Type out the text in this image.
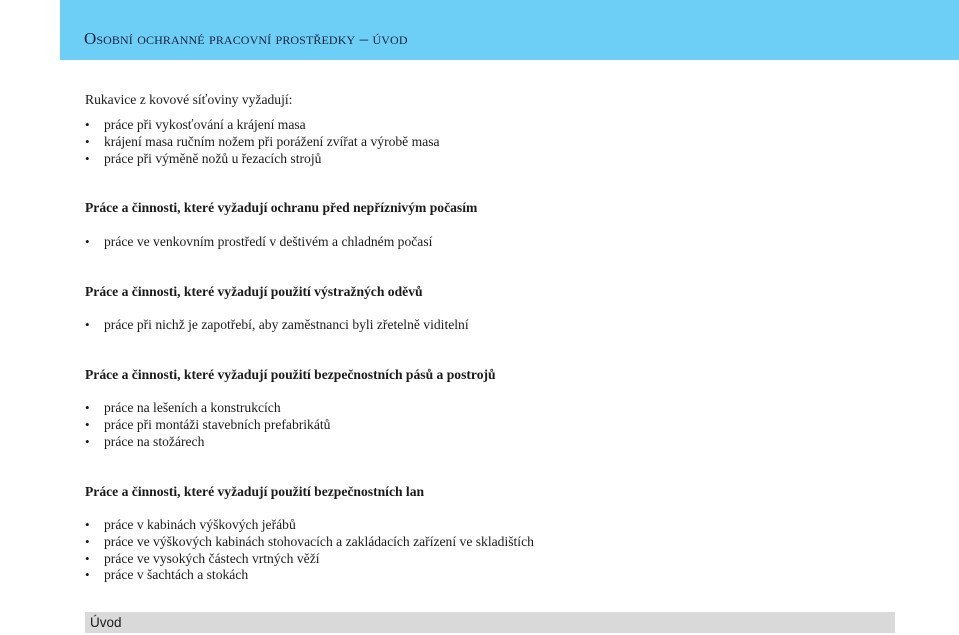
Osobní ochranné pracovní prostředky – úvod

Rukavice z kovové síťoviny vyžadují:

• práce při vykosťování a krájení masa
• krájení masa ručním nožem při porážení zvířat a výrobě masa
• práce při výměně nožů u řezacích strojů
Práce a činnosti, které vyžadují ochranu před nepříznivým počasím
• práce ve venkovním prostředí v deštivém a chladném počasí
Práce a činnosti, které vyžadují použití výstražných oděvů
• práce při nichž je zapotřebí, aby zaměstnanci byli zřetelně viditelní
Práce a činnosti, které vyžadují použití bezpečnostních pásů a postrojů
• práce na lešeních a konstrukcích
• práce při montáži stavebních prefabrikátů
• práce na stožárech
Práce a činnosti, které vyžadují použití bezpečnostních lan
• práce v kabinách výškových jeřábů
• práce ve výškových kabinách stohovacích a zakládacích zařízení ve skladištích
• práce ve vysokých částech vrtných věží
• práce v šachtách a stokách

Úvod
